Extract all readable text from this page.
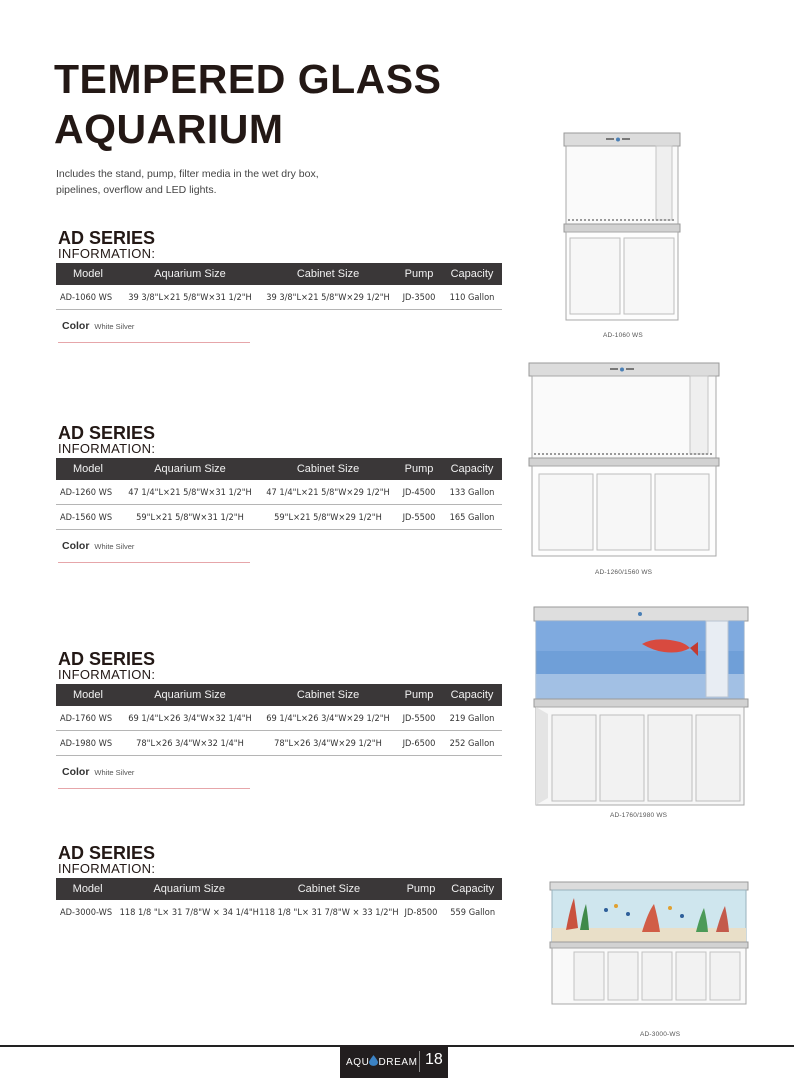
TEMPERED GLASS
AQUARIUM
Includes the stand, pump, filter media in the wet dry box,
pipelines, overflow and LED lights.
AD SERIES
INFORMATION:
Model	Aquarium Size	Cabinet Size	Pump	Capacity
AD-1060 WS	39 3/8"L×21 5/8"W×31 1/2"H	39 3/8"L×21 5/8"W×29 1/2"H	JD-3500	110 Gallon
Color White Silver
AD SERIES
INFORMATION:
Model	Aquarium Size	Cabinet Size	Pump	Capacity
AD-1260 WS	47 1/4"L×21 5/8"W×31 1/2"H	47 1/4"L×21 5/8"W×29 1/2"H	JD-4500	133 Gallon
AD-1560 WS	59"L×21 5/8"W×31 1/2"H	59"L×21 5/8"W×29 1/2"H	JD-5500	165 Gallon
Color White Silver
AD SERIES
INFORMATION:
Model	Aquarium Size	Cabinet Size	Pump	Capacity
AD-1760 WS	69 1/4"L×26 3/4"W×32 1/4"H	69 1/4"L×26 3/4"W×29 1/2"H	JD-5500	219 Gallon
AD-1980 WS	78"L×26 3/4"W×32 1/4"H	78"L×26 3/4"W×29 1/2"H	JD-6500	252 Gallon
Color White Silver
AD SERIES
INFORMATION:
Model	Aquarium Size	Cabinet Size	Pump	Capacity
AD-3000-WS	118 1/8 "L× 31 7/8"W × 34 1/4"H	118 1/8 "L× 31 7/8"W × 33 1/2"H	JD-8500	559 Gallon
AD-1060 WS
AD-1260/1560 WS
AD-1760/1980 WS
AD-3000-WS
AQU DREAM 18
